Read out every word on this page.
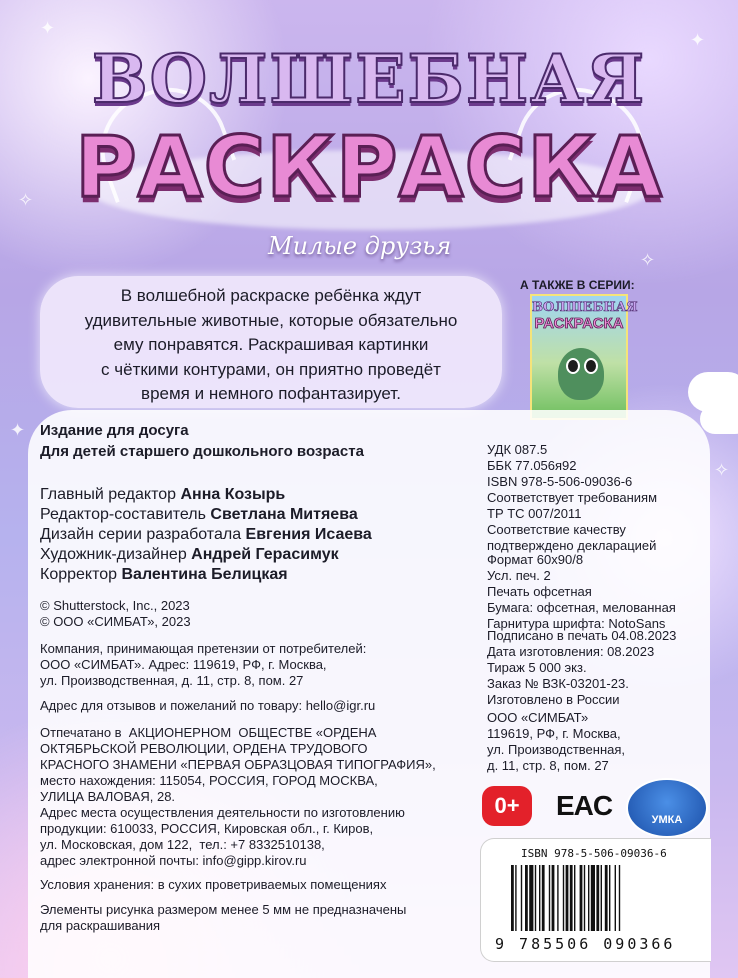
✦
✦
✧
✧
✦
✧
ВОЛШЕБНАЯ
РАСКРАСКА
Милые друзья

В волшебной раскраске ребёнка ждут
удивительные животные, которые обязательно
ему понравятся. Раскрашивая картинки
с чёткими контурами, он приятно проведёт
время и немного пофантазирует.

А ТАКЖЕ В СЕРИИ:
ВОЛШЕБНАЯ
РАСКРАСКА
Издание для досуга
Для детей старшего дошкольного возраста
Главный редактор Анна Козырь
Редактор-составитель Светлана Митяева
Дизайн серии разработала Евгения Исаева
Художник-дизайнер Андрей Герасимук
Корректор Валентина Белицкая
© Shutterstock, Inc., 2023
© ООО «СИМБАТ», 2023
Компания, принимающая претензии от потребителей:
ООО «СИМБАТ». Адрес: 119619, РФ, г. Москва,
ул. Производственная, д. 11, стр. 8, пом. 27
Адрес для отзывов и пожеланий по товару: hello@igr.ru
Отпечатано в  АКЦИОНЕРНОМ  ОБЩЕСТВЕ «ОРДЕНА
ОКТЯБРЬСКОЙ РЕВОЛЮЦИИ, ОРДЕНА ТРУДОВОГО
КРАСНОГО ЗНАМЕНИ «ПЕРВАЯ ОБРАЗЦОВАЯ ТИПОГРАФИЯ»,
место нахождения: 115054, РОССИЯ, ГОРОД МОСКВА,
УЛИЦА ВАЛОВАЯ, 28.
Адрес места осуществления деятельности по изготовлению
продукции: 610033, РОССИЯ, Кировская обл., г. Киров,
ул. Московская, дом 122,  тел.: +7 8332510138,
адрес электронной почты: info@gipp.kirov.ru
Условия хранения: в сухих проветриваемых помещениях
Элементы рисунка размером менее 5 мм не предназначены
для раскрашивания
УДК 087.5
ББК 77.056я92
ISBN 978-5-506-09036-6
Соответствует требованиям
ТР ТС 007/2011
Соответствие качеству
подтверждено декларацией
Формат 60х90/8
Усл. печ. 2
Печать офсетная
Бумага: офсетная, мелованная
Гарнитура шрифта: NotoSans
Подписано в печать 04.08.2023
Дата изготовления: 08.2023
Тираж 5 000 экз.
Заказ № ВЗК-03201-23.
Изготовлено в России
ООО «СИМБАТ»
119619, РФ, г. Москва,
ул. Производственная,
д. 11, стр. 8, пом. 27
0+	EAC	УМКА
ISBN 978-5-506-09036-6
9 785506 090366
